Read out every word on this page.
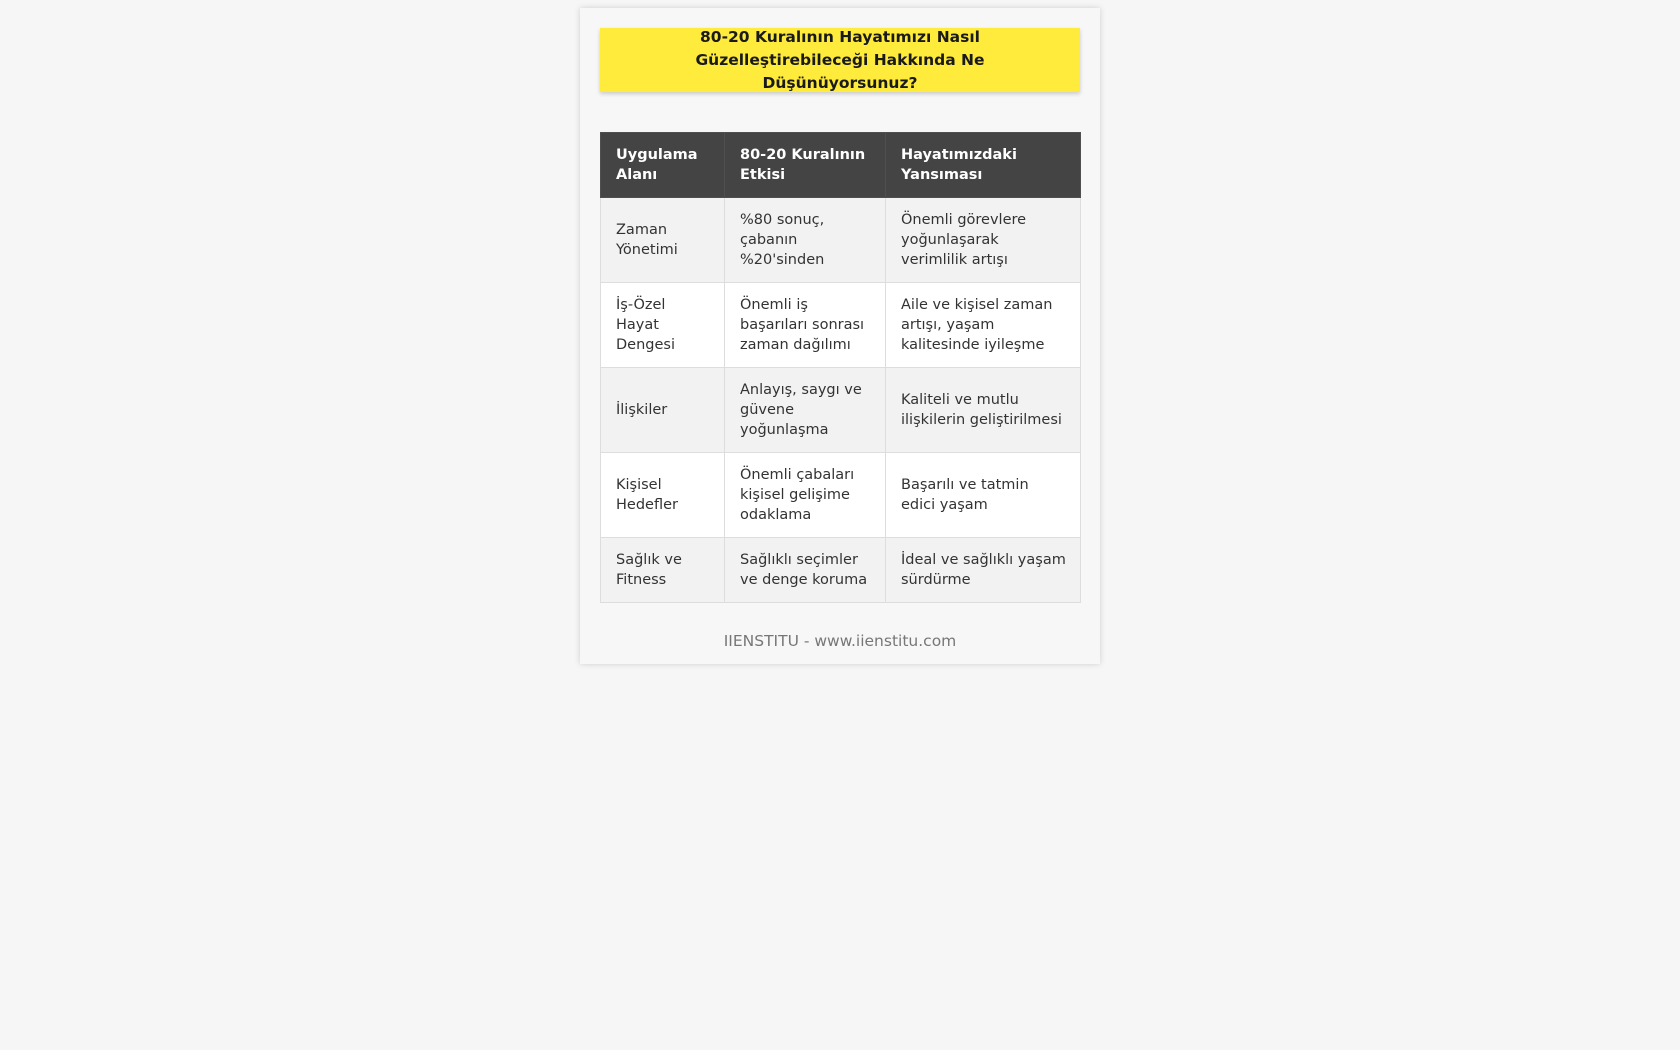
80-20 Kuralının Hayatımızı Nasıl Güzelleştirebileceği Hakkında Ne Düşünüyorsunuz?
Uygulama Alanı	80-20 Kuralının Etkisi	Hayatımızdaki Yansıması
Zaman Yönetimi	%80 sonuç, çabanın %20'sinden	Önemli görevlere yoğunlaşarak verimlilik artışı
İş-Özel Hayat Dengesi	Önemli iş başarıları sonrası zaman dağılımı	Aile ve kişisel zaman artışı, yaşam kalitesinde iyileşme
İlişkiler	Anlayış, saygı ve güvene yoğunlaşma	Kaliteli ve mutlu ilişkilerin geliştirilmesi
Kişisel Hedefler	Önemli çabaları kişisel gelişime odaklama	Başarılı ve tatmin edici yaşam
Sağlık ve Fitness	Sağlıklı seçimler ve denge koruma	İdeal ve sağlıklı yaşam sürdürme
IIENSTITU - www.iienstitu.com
